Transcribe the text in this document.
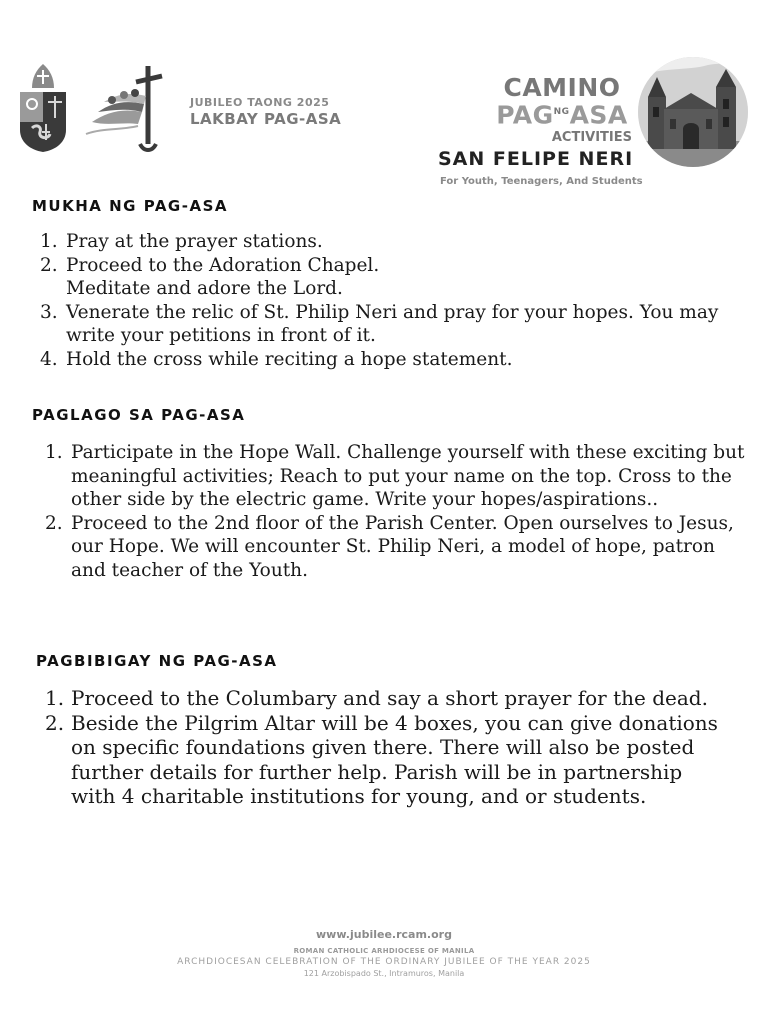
JUBILEO TAONG 2025
LAKBAY PAG-ASA
CAMINO
$PAG^{NG}ASA$
ACTIVITIES
SAN FELIPE NERI
For Youth, Teenagers, And Students
MUKHA NG PAG-ASA
1. Pray at the prayer stations.
2. Proceed to the Adoration Chapel. Meditate and adore the Lord.
3. Venerate the relic of St. Philip Neri and pray for your hopes. You may write your petitions in front of it.
4. Hold the cross while reciting a hope statement.
PAGLAGO SA PAG-ASA
1. Participate in the Hope Wall. Challenge yourself with these exciting but meaningful activities; Reach to put your name on the top. Cross to the other side by the electric game. Write your hopes/aspirations..
2. Proceed to the 2nd floor of the Parish Center. Open ourselves to Jesus, our Hope. We will encounter St. Philip Neri, a model of hope, patron and teacher of the Youth.
PAGBIBIGAY NG PAG-ASA
1. Proceed to the Columbary and say a short prayer for the dead.
2. Beside the Pilgrim Altar will be 4 boxes, you can give donations on specific foundations given there. There will also be posted further details for further help. Parish will be in partnership with 4 charitable institutions for young, and or students.
www.jubilee.rcam.org
ROMAN CATHOLIC ARHDIOCESE OF MANILA
ARCHDIOCESAN CELEBRATION OF THE ORDINARY JUBILEE OF THE YEAR 2025
121 Arzobispado St., Intramuros, Manila
